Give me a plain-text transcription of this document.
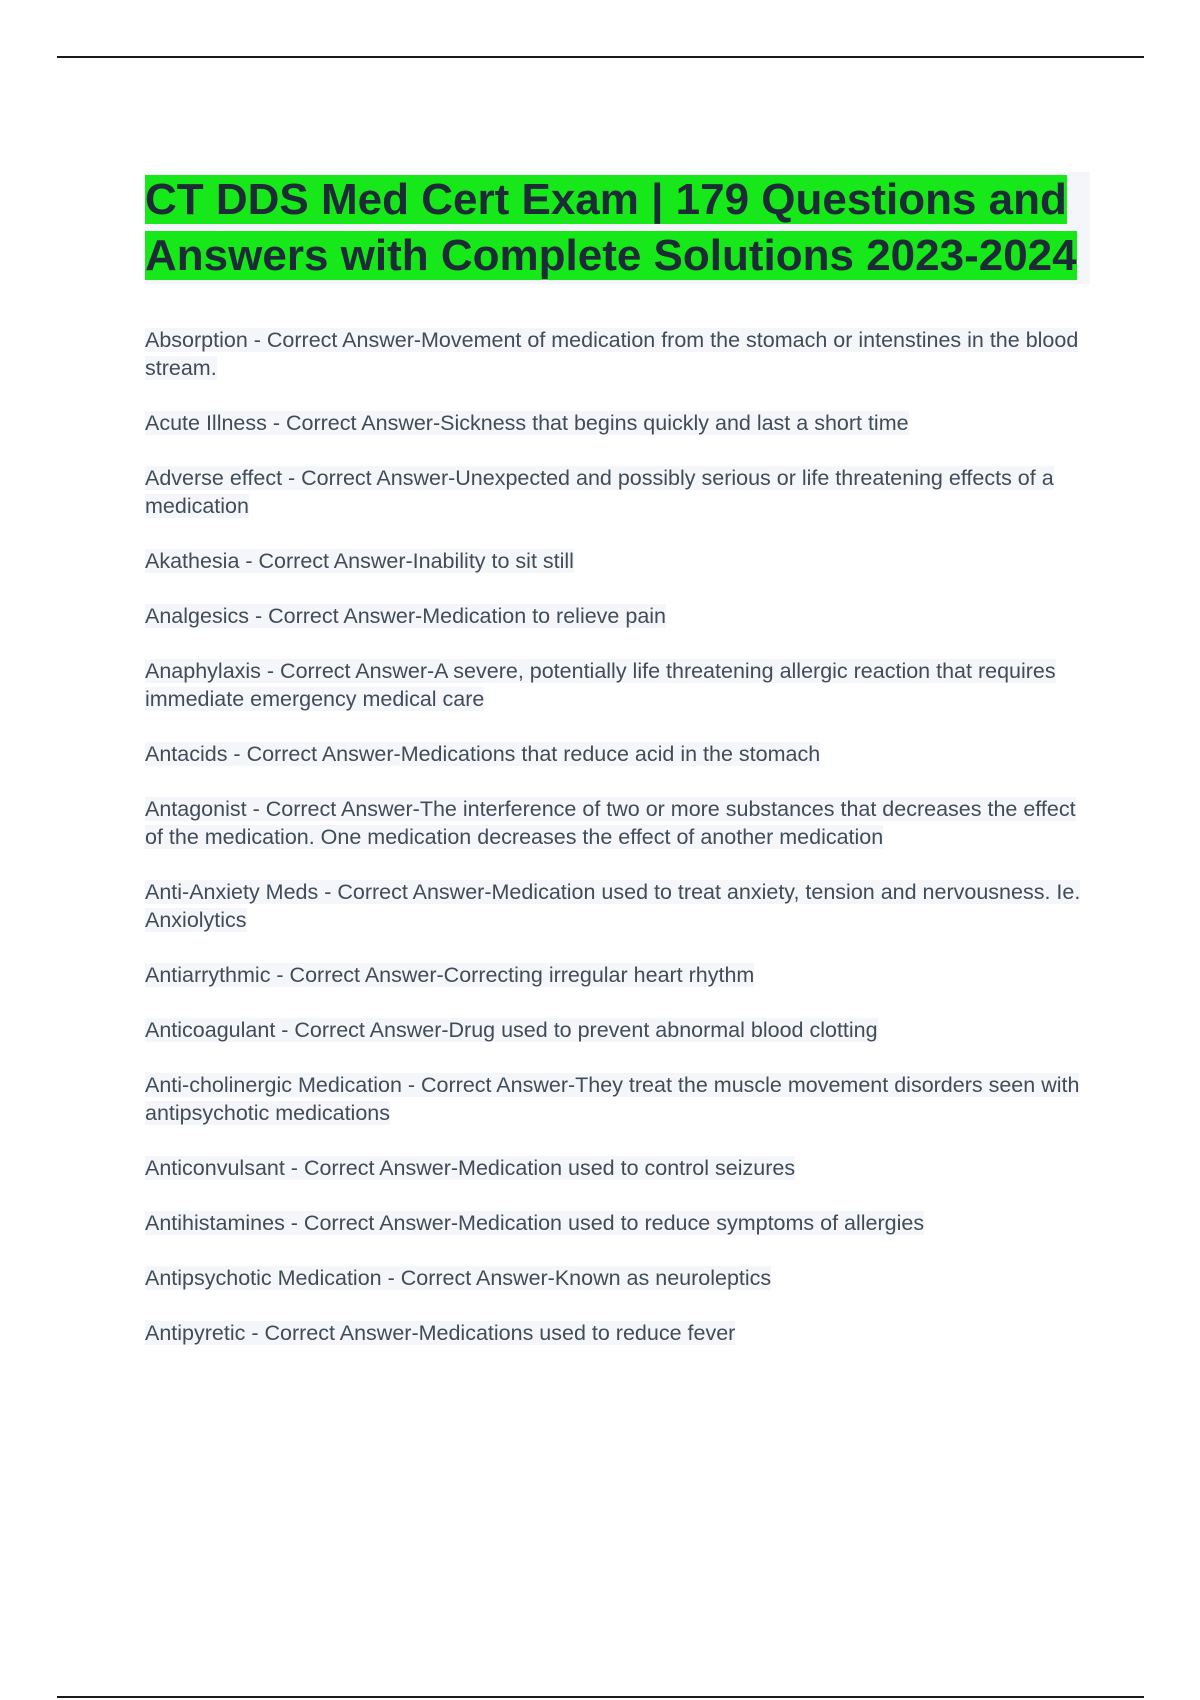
CT DDS Med Cert Exam | 179 Questions and Answers with Complete Solutions 2023-2024
Absorption - Correct Answer-Movement of medication from the stomach or intenstines in the blood stream.
Acute Illness - Correct Answer-Sickness that begins quickly and last a short time
Adverse effect - Correct Answer-Unexpected and possibly serious or life threatening effects of a medication
Akathesia - Correct Answer-Inability to sit still
Analgesics - Correct Answer-Medication to relieve pain
Anaphylaxis - Correct Answer-A severe, potentially life threatening allergic reaction that requires immediate emergency medical care
Antacids - Correct Answer-Medications that reduce acid in the stomach
Antagonist - Correct Answer-The interference of two or more substances that decreases the effect of the medication. One medication decreases the effect of another medication
Anti-Anxiety Meds - Correct Answer-Medication used to treat anxiety, tension and nervousness. Ie. Anxiolytics
Antiarrythmic - Correct Answer-Correcting irregular heart rhythm
Anticoagulant - Correct Answer-Drug used to prevent abnormal blood clotting
Anti-cholinergic Medication - Correct Answer-They treat the muscle movement disorders seen with antipsychotic medications
Anticonvulsant - Correct Answer-Medication used to control seizures
Antihistamines - Correct Answer-Medication used to reduce symptoms of allergies
Antipsychotic Medication - Correct Answer-Known as neuroleptics
Antipyretic - Correct Answer-Medications used to reduce fever
